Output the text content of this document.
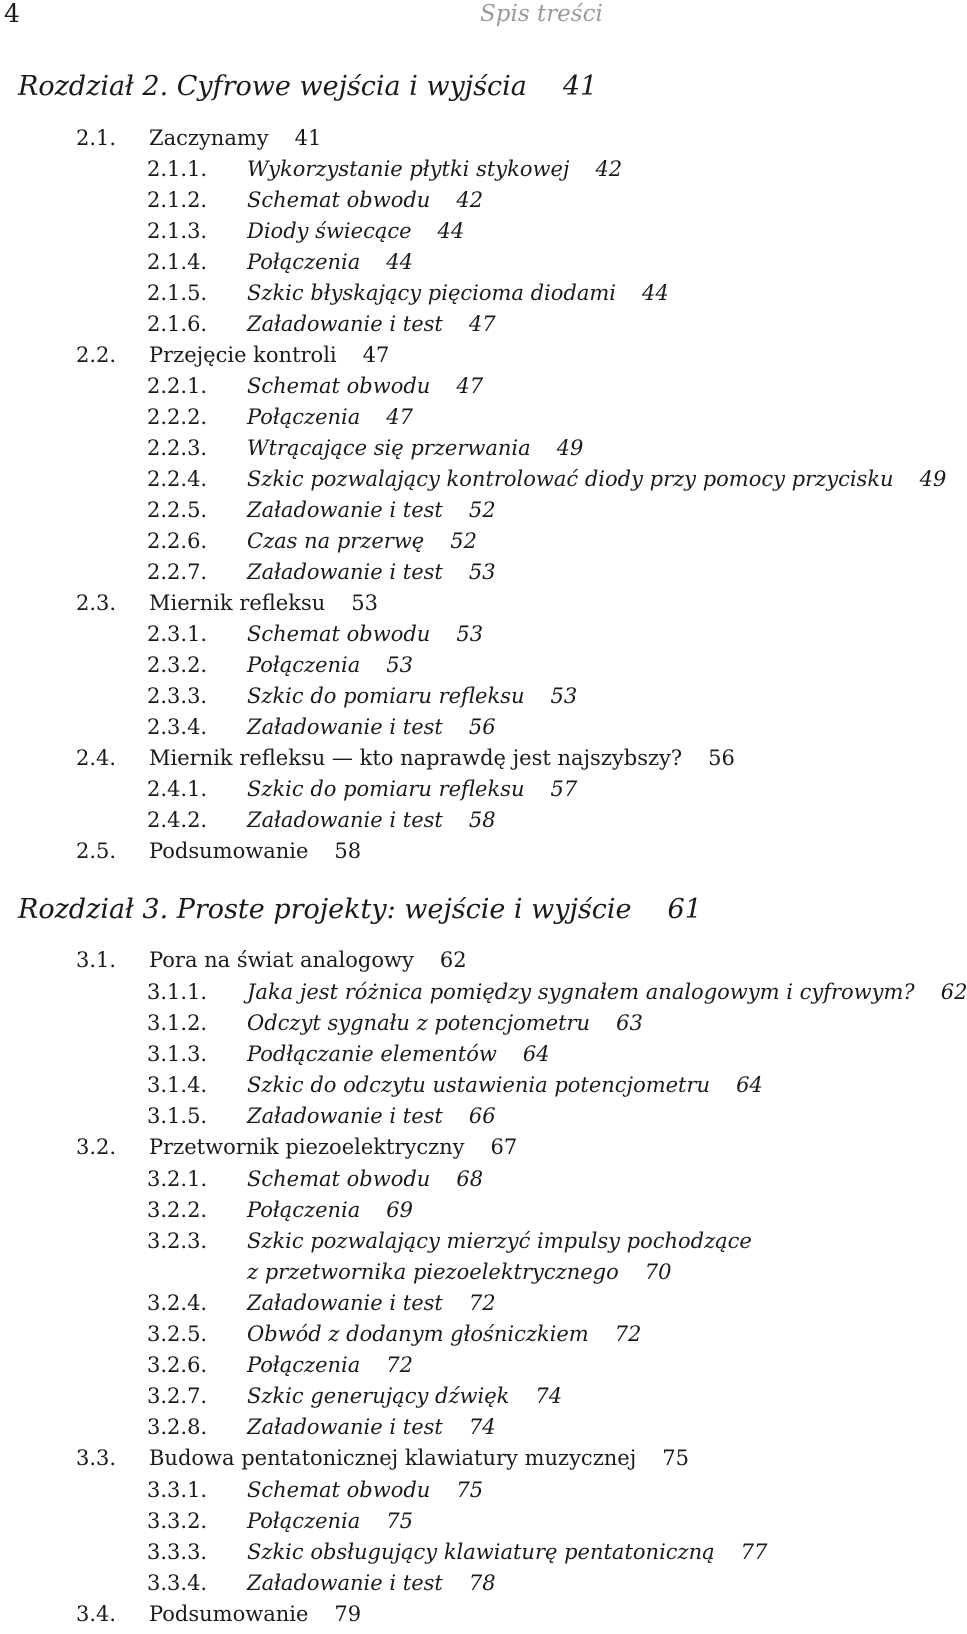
4	Spis treści
Rozdział 2. Cyfrowe wejścia i wyjścia 41
2.1. Zaczynamy 41
2.1.1. Wykorzystanie płytki stykowej 42
2.1.2. Schemat obwodu 42
2.1.3. Diody świecące 44
2.1.4. Połączenia 44
2.1.5. Szkic błyskający pięcioma diodami 44
2.1.6. Załadowanie i test 47
2.2. Przejęcie kontroli 47
2.2.1. Schemat obwodu 47
2.2.2. Połączenia 47
2.2.3. Wtrącające się przerwania 49
2.2.4. Szkic pozwalający kontrolować diody przy pomocy przycisku 49
2.2.5. Załadowanie i test 52
2.2.6. Czas na przerwę 52
2.2.7. Załadowanie i test 53
2.3. Miernik refleksu 53
2.3.1. Schemat obwodu 53
2.3.2. Połączenia 53
2.3.3. Szkic do pomiaru refleksu 53
2.3.4. Załadowanie i test 56
2.4. Miernik refleksu — kto naprawdę jest najszybszy? 56
2.4.1. Szkic do pomiaru refleksu 57
2.4.2. Załadowanie i test 58
2.5. Podsumowanie 58
Rozdział 3. Proste projekty: wejście i wyjście 61
3.1. Pora na świat analogowy 62
3.1.1. Jaka jest różnica pomiędzy sygnałem analogowym i cyfrowym? 62
3.1.2. Odczyt sygnału z potencjometru 63
3.1.3. Podłączanie elementów 64
3.1.4. Szkic do odczytu ustawienia potencjometru 64
3.1.5. Załadowanie i test 66
3.2. Przetwornik piezoelektryczny 67
3.2.1. Schemat obwodu 68
3.2.2. Połączenia 69
3.2.3. Szkic pozwalający mierzyć impulsy pochodzące
z przetwornika piezoelektrycznego 70
3.2.4. Załadowanie i test 72
3.2.5. Obwód z dodanym głośniczkiem 72
3.2.6. Połączenia 72
3.2.7. Szkic generujący dźwięk 74
3.2.8. Załadowanie i test 74
3.3. Budowa pentatonicznej klawiatury muzycznej 75
3.3.1. Schemat obwodu 75
3.3.2. Połączenia 75
3.3.3. Szkic obsługujący klawiaturę pentatoniczną 77
3.3.4. Załadowanie i test 78
3.4. Podsumowanie 79
